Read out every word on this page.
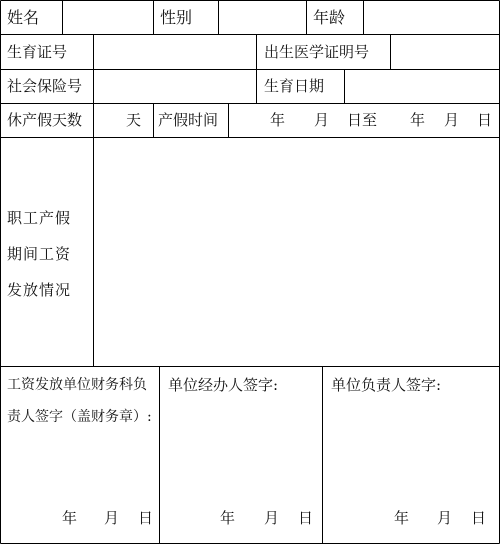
姓名	性别	年龄
生育证号	出生医学证明号
社会保险号	生育日期
休产假天数	天 产假时间	年 月 日至 年 月 日
职工产假
期间工资
发放情况
工资发放单位财务科负
责人签字（盖财务章）:
年 月 日
单位经办人签字:
年 月 日
单位负责人签字:
年 月 日
